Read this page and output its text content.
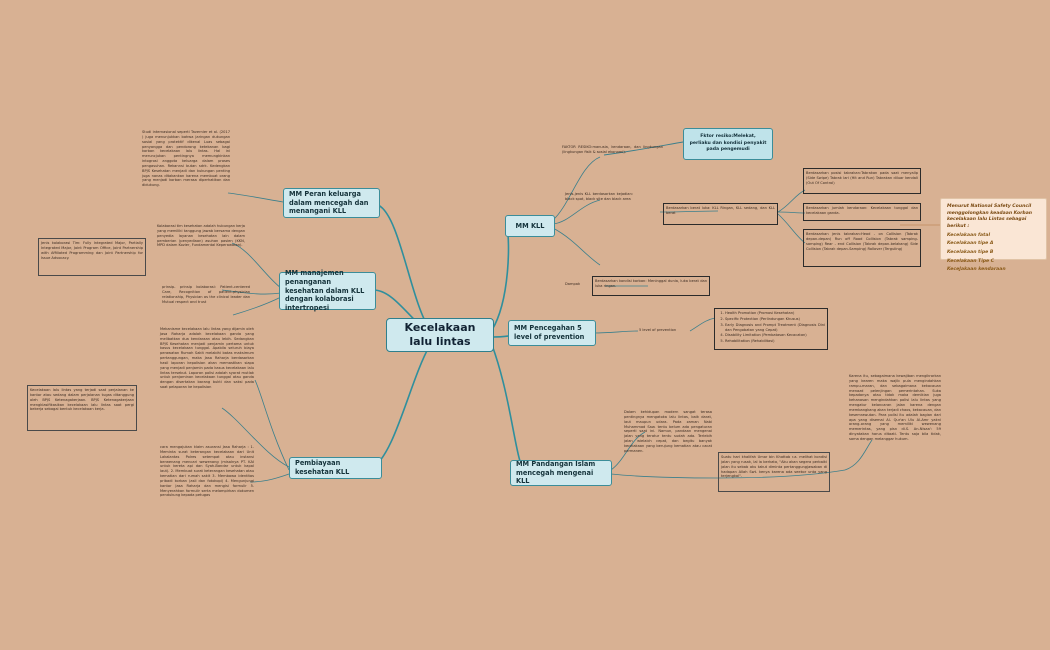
Kecelakaan lalu lintas
MM Peran keluarga dalam mencegah dan menangani KLL
MM manajemen penanganan kesehatan dalam KLL dengan kolaborasi intertropesi
MM KLL
MM Pencegahan 5 level of prevention
Pembiayaan kesehatan KLL
MM Pandangan Islam mencegah mengenai KLL
Fktor resiko:Melekat, perliaku dan kondisi penyakit pada pengemudi
Menurut National Safety Council menggolongkan keadaan Korban kecelakaan lalu Lintas sebagai berikut :
Kecelakaan fatal
Kecelakaan tipe A
Kecelakaan tipe B
Kecelakaan Tipe C
KeceJakaan kendaraan
Studi internasional seperti Tavernier et al. (2017 ) juga menunjukkan bahwa jaringan dukungan sosial yang protektif dikenal Luas sebagai penyangga dan pendorong ketekanan bagi korban kecelakaan lalu lintas. Hal ini meruncjukan pentingnya memungkinkan intogrosi anggota keluarga dalam proses pengasuhan. Rekannsi butan sdrk. Kedengkan BPJS Kesehatan menjadi dan kukungan penting juga nanas ditakankan karena membuat orang yang menjadi korban merasa diperhatikan dan didukung.
Jenis kolaborasi Tim: Fully Integrated Major, Partially Integrated Major, Joint Program Office, Joint Partnership with Affiliated Programming dan Joint Partnership for Issue Advocacy.
Kolaborasi tim kesehatan adalah hubungan kerja yang memiliki tanggung jawab bersama dengan penyedia layanan kesehatan lain dalam pemberian (penyediaan) asuhan pasien (KKN, MPD dalam Kozier, Fundamental Keperawatan).
prinsip- prinsip kolaborasi: Patient-centered Care, Recognition of patient-physician relationship, Physician as the clinical leader dan Mutual respect and trust
Mekanisme kecelakaan lalu lintas yang dijamin oleh Jasa Raharja adalah kecelakaan ganda yang melibatkan dua kendaraan atau lebih. Sedangkan BPJS Kesehatan menjadi penjamin pertama untuk kasus kecelakaan tunggal. Apabila seluruh biaya perawatan Rumah Sakit melabihi batas maksimum pertanggungan, maka Jasa Raharja berdasarkan hasil laporan kepolisian akan memastikan siapa yang menjadi penjamin pada kasus kecelakaan lalu lintas tersebut. Laporan polisi adalah syarat mutlak untuk penjaminan kecelakaan tunggal atau ganda dengan disertakan barang bukti dan saksi pada saat pelaporan ke kepolisian
Kecelakaan lalu lintas yang terjadi saat perjalanan ke kantor atau sedang dalam perjalanan tugas ditanggung oleh BPJS Ketenagakerjaan. BPJS Ketenagakerjaan mengklasifikasikan kecelakaan lalu lintas saat pergi bekerja sebagai bentuk kecelakaan kerja.
cara mengajukan klaim asuransi Jasa Raharja : 1. Meminta surat keterangan kecelakaan dari Unit Lakalantas Polres setempat atau instansi berwenang mencari wewenang (misalnya PT. KAI untuk kereta api dan Syah-Bandar untuk kapal laut). 2. Membuat surat keterangan kesehatan atau kematian dari rumah sakit 3. Membawa identitas pribadi korban (asli dan fotokopi) 4. Mengunjungi kantor Jasa Raharja dan mengisi formulir 5. Menyerahkan formulir serta melampirkan dokumen pendukung kepada petugas
FAKTOR RESIKO:manusia, kendaraan, dan lingkungan (lingkungan fisik & sosial ekonomi).
Jenis-jenis KLL berdasarkan kejadian: black spot, black site dan black area
Dampak
Berdasarkan berat luka: KLL Ringan, KLL sedang, dan KLL berat
Berdasarkan kondisi korban: Meninggal dunia, luka berat dan luka ringan.
Berdasarkan posisi tabrakan:Tabrakan pada saat menyalip (Side Swipe) Tabrak lari (Hit and Run) Tabrakan diluar kendali (Out Of Control)
Berdasarkan jumlah kendaraan: Kecelakaan tunggal dan kecelakaan ganda.
Berdasarkan jenis tabrakan:Head - on Collision (Tabrak depan-depan) Run off Road Collision (Tabrak samping-samping) Rear - end Collision (Tabrak depan-belakang) Side Collision (Tabrak depan-Samping) Rollover (Terguling)
5 level of prevention
1. Health Promotion (Promosi Kesehatan)
2. Specific Protection (Perlindungan Khusus)
3. Early Diagnosis and Prompt Treatment (Diagnosis Dini dan Pengobatan yang Cepat)
4. Disability Limitation (Pembatasan Kecacatan)
5. Rehabilitation (Rehabilitasi)
Dalam kehidupan modern sangat terasa pentingnya mengatoka lalu lintas, baik darat, laut maupun udara. Pada zaman Nabi Muhammad Saw. tentu belum ada pengaturan seperti saat ini. Namun, pandaan mengenai jalan yang teratur tentu sudah ada. Terlebih jalan wielaich cepat, dan begitu banyak kecelakaan yang berujung kematian atau cacat permanen.
Karena itu, sebagaimana kewajiban mengikrorkan yang kearen maka wajib pula mengindahkan rampu-maran, dan sebagaimana kekacauan menazd pelenjingan pemerintahan. Suka kepadanya atau tidak maka demikian juga kehanasan mengindahkan polisi lalu lintas yang mengatur kelancaran jalan karena dengan membangkang akan terjadi chaos, kekacauan, dan kesemrawutan. Para polisi itu adalah bagian dari apa yang disemai Al- Qur'an Ulu Al-Amr yakni orang-orang yang memiliki wewenang memerintas, yang pisn di.S. An-Nisaa': 59 dinyatakan harus ditaati. Tentu saja bila tidak, sama dengan melanggar hukum.
Suatu hari khalifah Umar bin Khattab r.a. melihat kondisi jalan yang rusak, lal ia berkata, "Aku akan segera perbaiki jalan itu sebab aku takut diminta pertanggungjawaban di hadapan Allah Swt. kenya karena ada seekor unta yang terjengkal".
